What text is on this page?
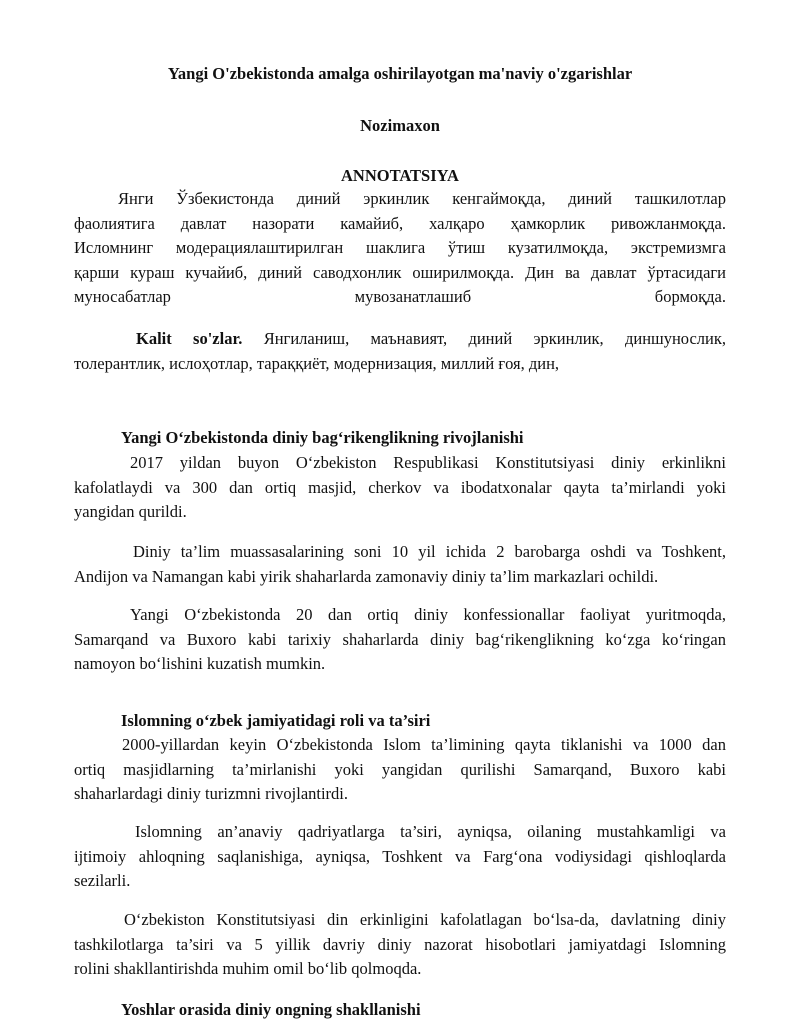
Yangi O'zbekistonda amalga oshirilayotgan ma'naviy o'zgarishlar
Nozimaxon
ANNOTATSIYA
Янги Ўзбекистонда диний эркинлик кенгаймоқда, диний ташкилотлар
фаолиятига давлат назорати камайиб, халқаро ҳамкорлик ривожланмоқда.
Исломнинг модерациялаштирилган шаклига ўтиш кузатилмоқда, экстремизмга
қарши кураш кучайиб, диний саводхонлик оширилмоқда. Дин ва давлат ўртасидаги
муносабатлар мувозанатлашиб бормоқда.
Kalit so'zlar. Янгиланиш, маънавият, диний эркинлик, диншунослик,
толерантлик, ислоҳотлар, тараққиёт, модернизация, миллий ғоя, дин,
Yangi O‘zbekistonda diniy bag‘rikenglikning rivojlanishi
2017 yildan buyon O‘zbekiston Respublikasi Konstitutsiyasi diniy erkinlikni
kafolatlaydi va 300 dan ortiq masjid, cherkov va ibodatxonalar qayta ta’mirlandi yoki
yangidan qurildi.
Diniy ta’lim muassasalarining soni 10 yil ichida 2 barobarga oshdi va Toshkent,
Andijon va Namangan kabi yirik shaharlarda zamonaviy diniy ta’lim markazlari ochildi.
Yangi O‘zbekistonda 20 dan ortiq diniy konfessionallar faoliyat yuritmoqda,
Samarqand va Buxoro kabi tarixiy shaharlarda diniy bag‘rikenglikning ko‘zga ko‘ringan
namoyon bo‘lishini kuzatish mumkin.
Islomning o‘zbek jamiyatidagi roli va ta’siri
2000-yillardan keyin O‘zbekistonda Islom ta’limining qayta tiklanishi va 1000 dan
ortiq masjidlarning ta’mirlanishi yoki yangidan qurilishi Samarqand, Buxoro kabi
shaharlardagi diniy turizmni rivojlantirdi.
Islomning an’anaviy qadriyatlarga ta’siri, ayniqsa, oilaning mustahkamligi va
ijtimoiy ahloqning saqlanishiga, ayniqsa, Toshkent va Farg‘ona vodiysidagi qishloqlarda
sezilarli.
O‘zbekiston Konstitutsiyasi din erkinligini kafolatlagan bo‘lsa-da, davlatning diniy
tashkilotlarga ta’siri va 5 yillik davriy diniy nazorat hisobotlari jamiyatdagi Islomning
rolini shakllantirishda muhim omil bo‘lib qolmoqda.
Yoshlar orasida diniy ongning shakllanishi
